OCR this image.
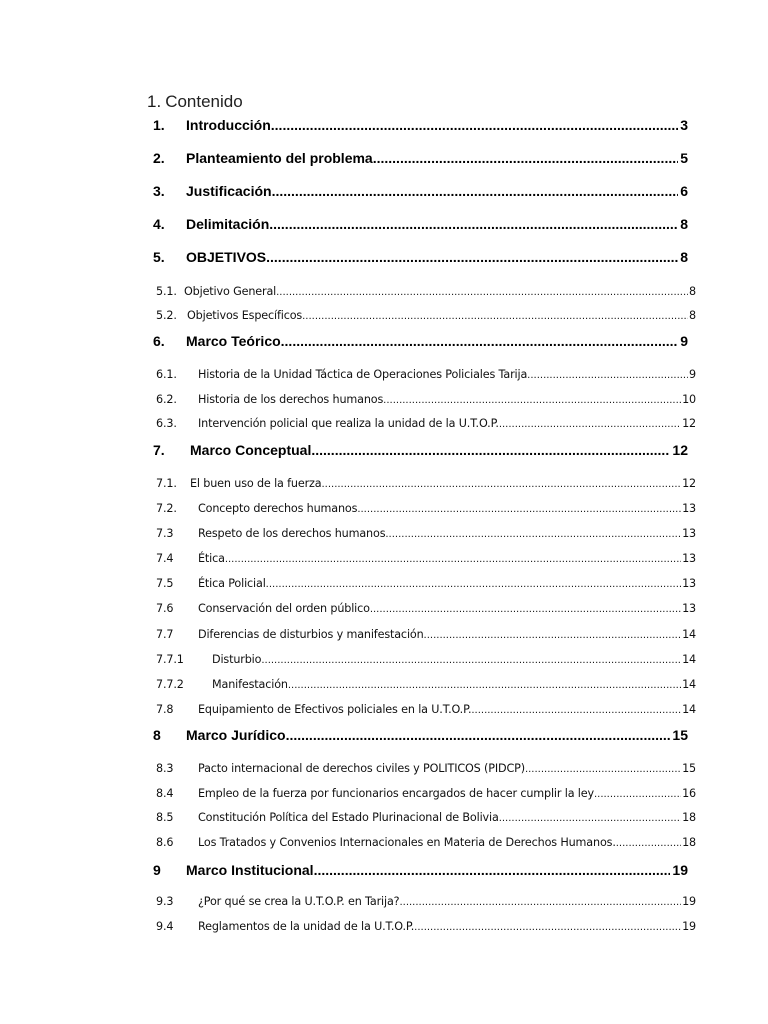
1. Contenido
1.	Introducción .....	3
2.	Planteamiento del problema .....	5
3.	Justificación .....	6
4.	Delimitación .....	8
5.	OBJETIVOS .....	8
5.1. Objetivo General .....	8
5.2. Objetivos Específicos .....	8
6.	Marco Teórico .....	9
6.1.	Historia de la Unidad Táctica de Operaciones Policiales Tarija .....	9
6.2.	Historia de los derechos humanos .....	10
6.3.	Intervención policial que realiza la unidad de la U.T.O.P. .....	12
7.	Marco Conceptual .....	12
7.1.	El buen uso de la fuerza .....	12
7.2.	Concepto derechos humanos .....	13
7.3	Respeto de los derechos humanos .....	13
7.4	Ética .....	13
7.5	Ética Policial .....	13
7.6	Conservación del orden público .....	13
7.7	Diferencias de disturbios y manifestación .....	14
7.7.1	Disturbio .....	14
7.7.2	Manifestación .....	14
7.8	Equipamiento de Efectivos policiales en la U.T.O.P. .....	14
8	Marco Jurídico .....	15
8.3	Pacto internacional de derechos civiles y POLITICOS (PIDCP) .....	15
8.4	Empleo de la fuerza por funcionarios encargados de hacer cumplir la ley .....	16
8.5	Constitución Política del Estado Plurinacional de Bolivia .....	18
8.6	Los Tratados y Convenios Internacionales en Materia de Derechos Humanos. .....	18
9	Marco Institucional .....	19
9.3	¿Por qué se crea la U.T.O.P. en Tarija? .....	19
9.4	Reglamentos de la unidad de la U.T.O.P. .....	19
